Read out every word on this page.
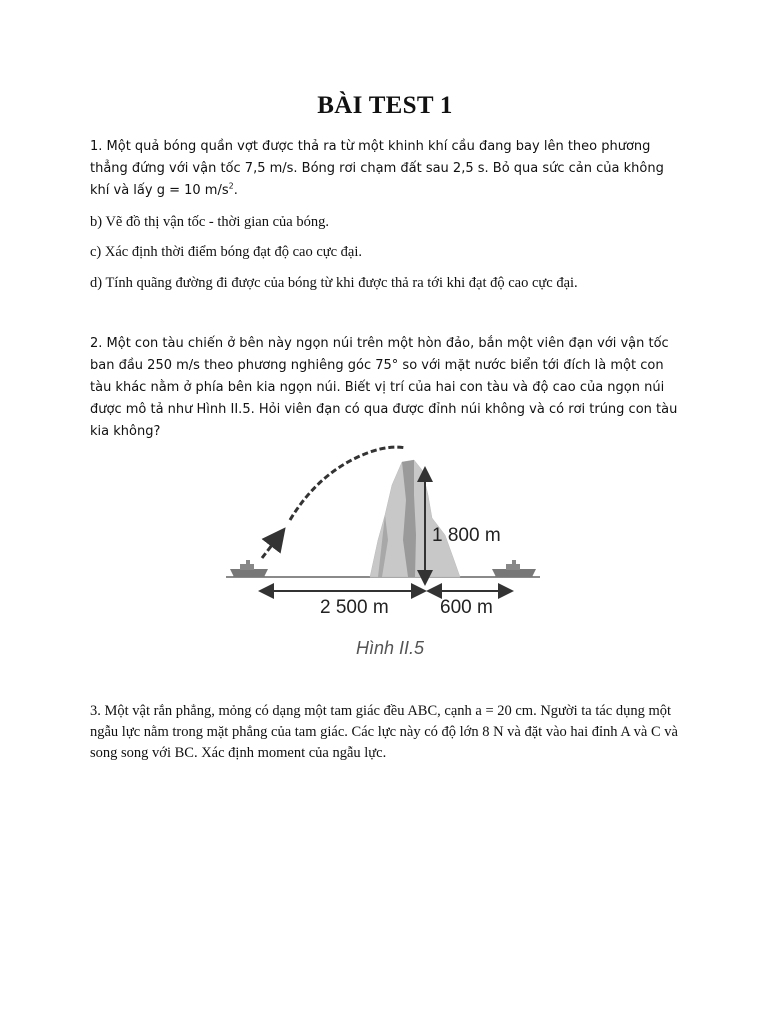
BÀI TEST 1
1. Một quả bóng quần vợt được thả ra từ một khinh khí cầu đang bay lên theo phương thẳng đứng với vận tốc 7,5 m/s. Bóng rơi chạm đất sau 2,5 s. Bỏ qua sức cản của không khí và lấy g = 10 $m/s^2$.
b) Vẽ đồ thị vận tốc - thời gian của bóng.
c) Xác định thời điểm bóng đạt độ cao cực đại.
d) Tính quãng đường đi được của bóng từ khi được thả ra tới khi đạt độ cao cực đại.
2. Một con tàu chiến ở bên này ngọn núi trên một hòn đảo, bắn một viên đạn với vận tốc ban đầu 250 m/s theo phương nghiêng góc 75° so với mặt nước biển tới đích là một con tàu khác nằm ở phía bên kia ngọn núi. Biết vị trí của hai con tàu và độ cao của ngọn núi được mô tả như Hình II.5. Hỏi viên đạn có qua được đỉnh núi không và có rơi trúng con tàu kia không?
3. Một vật rắn phẳng, mỏng có dạng một tam giác đều ABC, cạnh a = 20 cm. Người ta tác dụng một ngẫu lực nằm trong mặt phẳng của tam giác. Các lực này có độ lớn 8 N và đặt vào hai đỉnh A và C và song song với BC. Xác định moment của ngẫu lực.
1 800 m
2 500 m	600 m
Hình II.5
